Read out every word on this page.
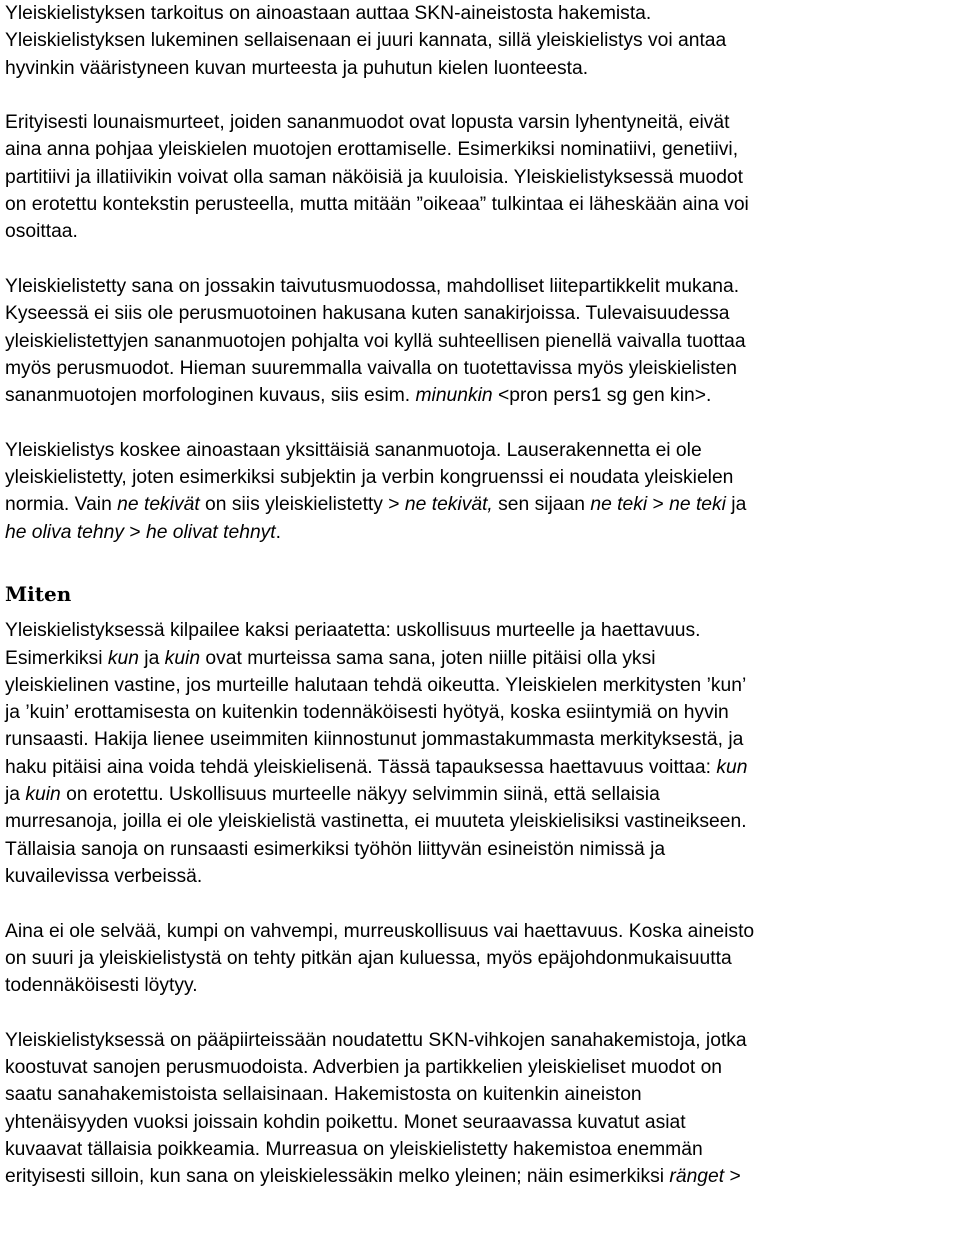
Yleiskielistyksen tarkoitus on ainoastaan auttaa SKN-aineistosta hakemista.
Yleiskielistyksen lukeminen sellaisenaan ei juuri kannata, sillä yleiskielistys voi antaa
hyvinkin vääristyneen kuvan murteesta ja puhutun kielen luonteesta.

Erityisesti lounaismurteet, joiden sananmuodot ovat lopusta varsin lyhentyneitä, eivät
aina anna pohjaa yleiskielen muotojen erottamiselle. Esimerkiksi nominatiivi, genetiivi,
partitiivi ja illatiivikin voivat olla saman näköisiä ja kuuloisia. Yleiskielistyksessä muodot
on erotettu kontekstin perusteella, mutta mitään ”oikeaa” tulkintaa ei läheskään aina voi
osoittaa.

Yleiskielistetty sana on jossakin taivutusmuodossa, mahdolliset liitepartikkelit mukana.
Kyseessä ei siis ole perusmuotoinen hakusana kuten sanakirjoissa. Tulevaisuudessa
yleiskielistettyjen sananmuotojen pohjalta voi kyllä suhteellisen pienellä vaivalla tuottaa
myös perusmuodot. Hieman suuremmalla vaivalla on tuotettavissa myös yleiskielisten
sananmuotojen morfologinen kuvaus, siis esim. minunkin <pron pers1 sg gen kin>.

Yleiskielistys koskee ainoastaan yksittäisiä sananmuotoja. Lauserakennetta ei ole
yleiskielistetty, joten esimerkiksi subjektin ja verbin kongruenssi ei noudata yleiskielen
normia. Vain ne tekivät on siis yleiskielistetty > ne tekivät, sen sijaan ne teki > ne teki ja
he oliva tehny > he olivat tehnyt.

Miten

Yleiskielistyksessä kilpailee kaksi periaatetta: uskollisuus murteelle ja haettavuus.
Esimerkiksi kun ja kuin ovat murteissa sama sana, joten niille pitäisi olla yksi
yleiskielinen vastine, jos murteille halutaan tehdä oikeutta. Yleiskielen merkitysten ’kun’
ja ’kuin’ erottamisesta on kuitenkin todennäköisesti hyötyä, koska esiintymiä on hyvin
runsaasti. Hakija lienee useimmiten kiinnostunut jommastakummasta merkityksestä, ja
haku pitäisi aina voida tehdä yleiskielisenä. Tässä tapauksessa haettavuus voittaa: kun
ja kuin on erotettu. Uskollisuus murteelle näkyy selvimmin siinä, että sellaisia
murresanoja, joilla ei ole yleiskielistä vastinetta, ei muuteta yleiskielisiksi vastineikseen.
Tällaisia sanoja on runsaasti esimerkiksi työhön liittyvän esineistön nimissä ja
kuvailevissa verbeissä.

Aina ei ole selvää, kumpi on vahvempi, murreuskollisuus vai haettavuus. Koska aineisto
on suuri ja yleiskielistystä on tehty pitkän ajan kuluessa, myös epäjohdonmukaisuutta
todennäköisesti löytyy.

Yleiskielistyksessä on pääpiirteissään noudatettu SKN-vihkojen sanahakemistoja, jotka
koostuvat sanojen perusmuodoista. Adverbien ja partikkelien yleiskieliset muodot on
saatu sanahakemistoista sellaisinaan. Hakemistosta on kuitenkin aineiston
yhtenäisyyden vuoksi joissain kohdin poikettu. Monet seuraavassa kuvatut asiat
kuvaavat tällaisia poikkeamia. Murreasua on yleiskielistetty hakemistoa enemmän
erityisesti silloin, kun sana on yleiskielessäkin melko yleinen; näin esimerkiksi ränget >
